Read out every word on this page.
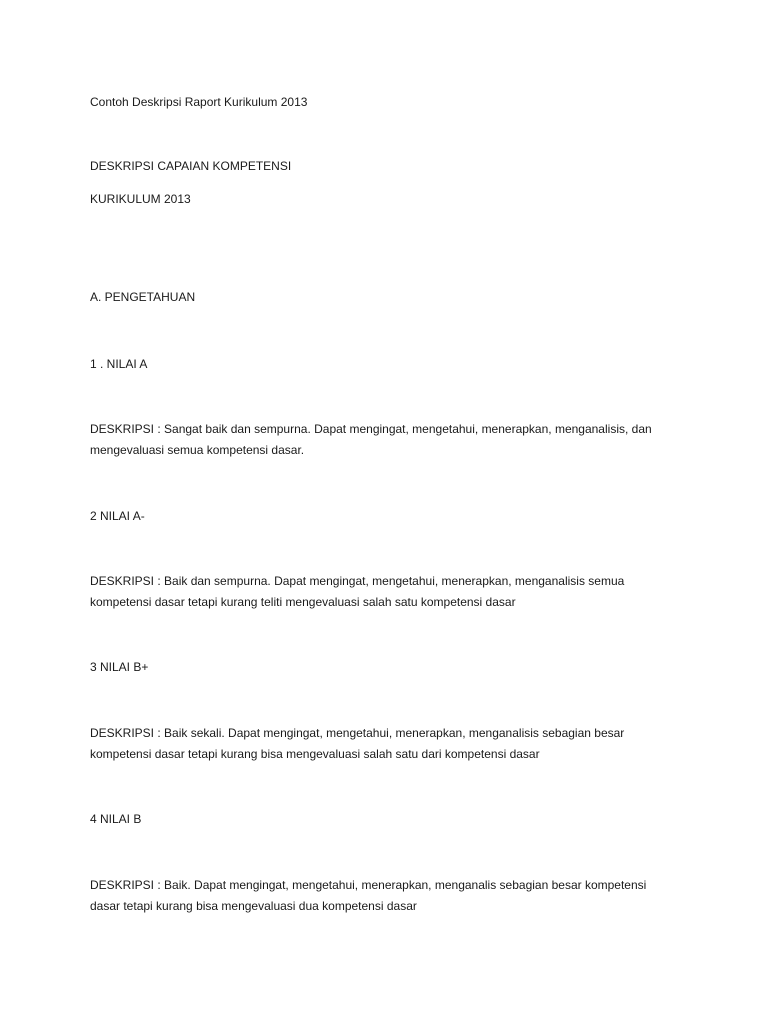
Contoh Deskripsi Raport Kurikulum 2013
DESKRIPSI CAPAIAN KOMPETENSI
KURIKULUM 2013
A. PENGETAHUAN
1 . NILAI A
DESKRIPSI : Sangat baik dan sempurna. Dapat mengingat, mengetahui, menerapkan, menganalisis, dan
mengevaluasi semua kompetensi dasar.
2 NILAI A-
DESKRIPSI : Baik dan sempurna. Dapat mengingat, mengetahui, menerapkan, menganalisis semua
kompetensi dasar tetapi kurang teliti mengevaluasi salah satu kompetensi dasar
3 NILAI B+
DESKRIPSI : Baik sekali. Dapat mengingat, mengetahui, menerapkan, menganalisis sebagian besar
kompetensi dasar tetapi kurang bisa mengevaluasi salah satu dari kompetensi dasar
4 NILAI B
DESKRIPSI : Baik. Dapat mengingat, mengetahui, menerapkan, menganalis sebagian besar kompetensi
dasar tetapi kurang bisa mengevaluasi dua kompetensi dasar
